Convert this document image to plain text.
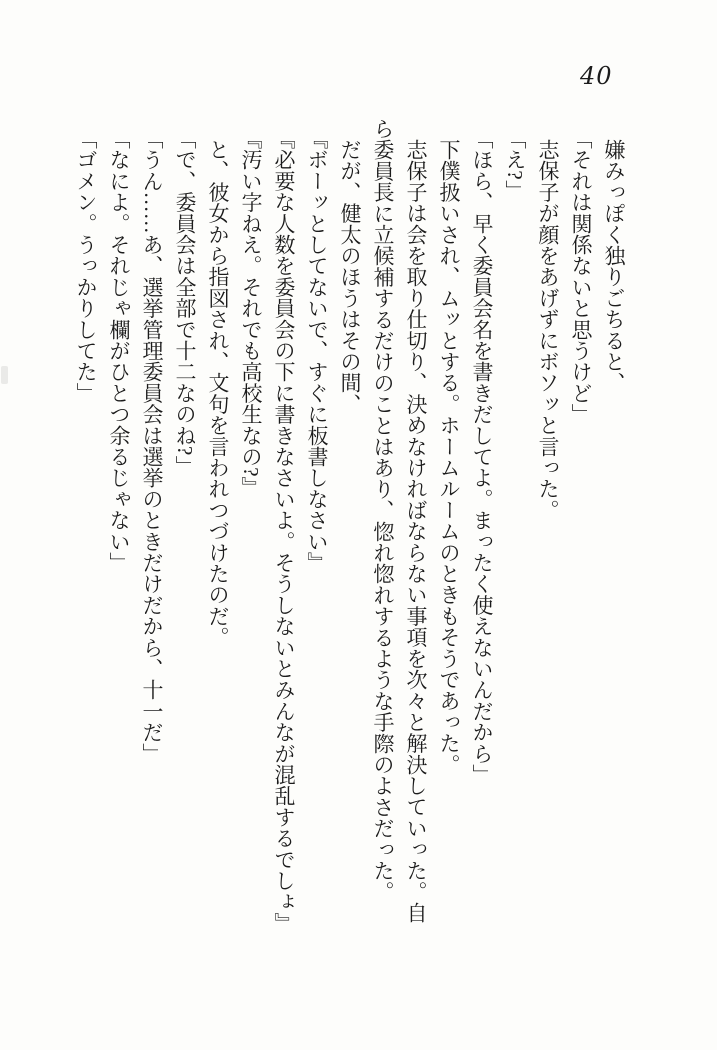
40

嫌みっぽく独りごちると、

「それは関係ないと思うけど」

志保子が顔をあげずにボソッと言った。

「え?」

「ほら、早く委員会名を書きだしてよ。まったく使えないんだから」

下僕扱いされ、ムッとする。ホームルームのときもそうであった。

志保子は会を取り仕切り、決めなければならない事項を次々と解決していった。自ら委員長に立候補するだけのことはあり、惚れ惚れするような手際のよさだった。

だが、健太のほうはその間、

『ボーッとしてないで、すぐに板書しなさい』

『必要な人数を委員会の下に書きなさいよ。そうしないとみんなが混乱するでしょ』

『汚い字ねえ。それでも高校生なの?』

と、彼女から指図され、文句を言われつづけたのだ。

「で、委員会は全部で十二なのね?」

「うん……あ、選挙管理委員会は選挙のときだけだから、十一だ」

「なによ。それじゃ欄がひとつ余るじゃない」

「ゴメン。うっかりしてた」
